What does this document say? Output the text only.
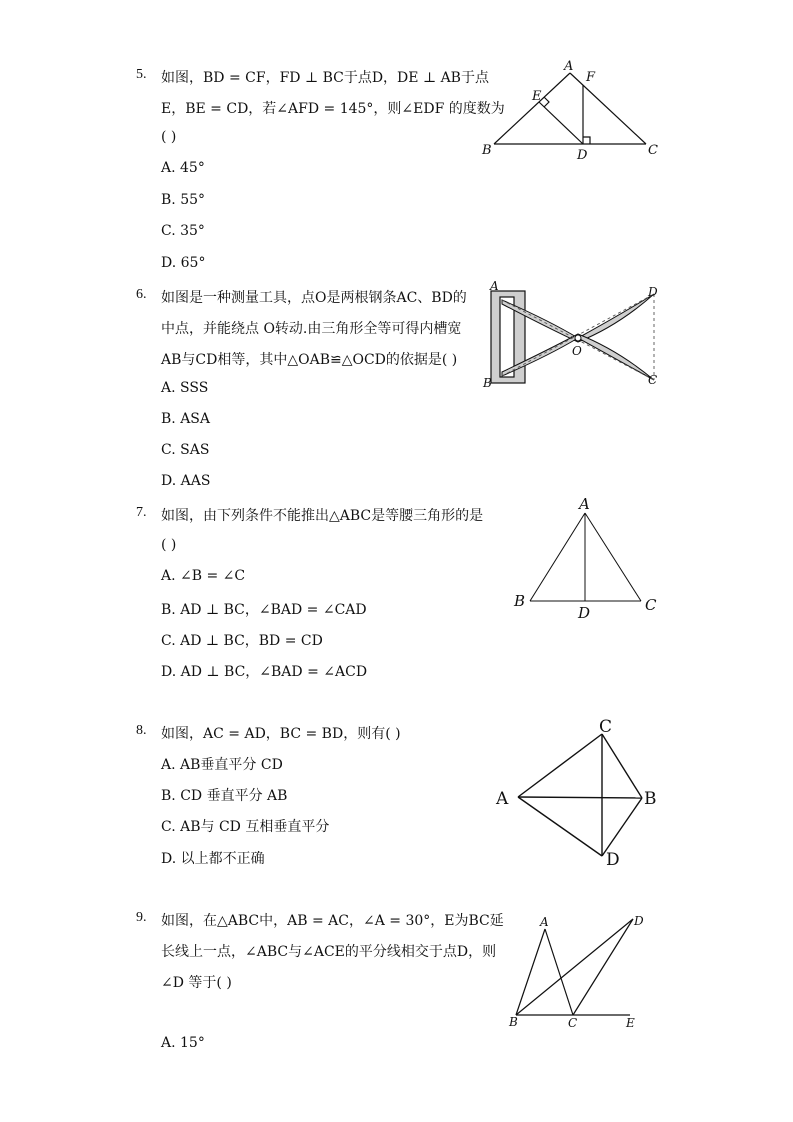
5. 如图，BD = CF，FD ⊥ BC于点D，DE ⊥ AB于点
E，BE = CD，若∠AFD = 145°，则∠EDF 的度数为
( )
A. 45°
B. 55°
C. 35°
D. 65°
A
F
E
B	D	C
6. 如图是一种测量工具，点O是两根钢条AC、BD的
中点，并能绕点 O转动.由三角形全等可得内槽宽
AB与CD相等，其中△OAB≌△OCD的依据是( )
A. SSS
B. ASA
C. SAS
D. AAS
A
B
O
D
C
7. 如图，由下列条件不能推出△ABC是等腰三角形的是
( )
A. ∠B = ∠C
B. AD ⊥ BC，∠BAD = ∠CAD
C. AD ⊥ BC，BD = CD
D. AD ⊥ BC，∠BAD = ∠ACD
A
B
D	C
8. 如图，AC = AD，BC = BD，则有( )
A. AB垂直平分 CD
B. CD 垂直平分 AB
C. AB与 CD 互相垂直平分
D. 以上都不正确
A	B
C
D
9. 如图，在△ABC中，AB = AC，∠A = 30°，E为BC延
长线上一点，∠ABC与∠ACE的平分线相交于点D，则
∠D 等于( )
A. 15°
A	D
B	C	E
